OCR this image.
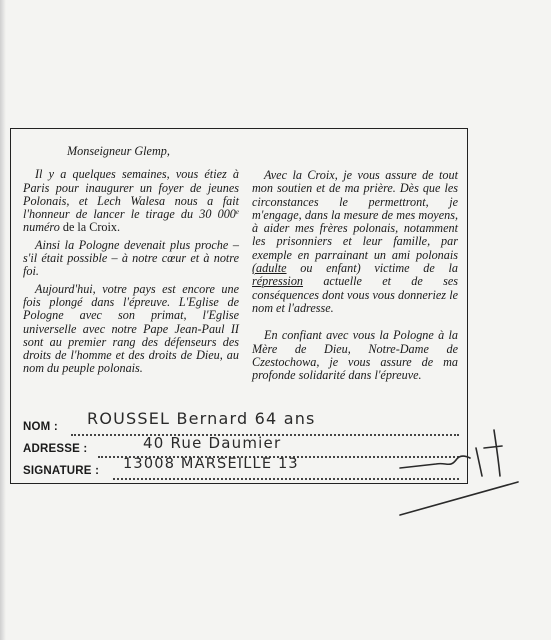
Monseigneur Glemp,

Il y a quelques semaines, vous étiez à Paris pour inaugurer un foyer de jeunes Polonais, et Lech Walesa nous a fait l'honneur de lancer le tirage du 30 000e numéro de la Croix.

Ainsi la Pologne devenait plus proche – s'il était possible – à notre cœur et à notre foi.

Aujourd'hui, votre pays est encore une fois plongé dans l'épreuve. L'Eglise de Pologne avec son primat, l'Eglise universelle avec notre Pape Jean-Paul II sont au premier rang des défenseurs des droits de l'homme et des droits de Dieu, au nom du peuple polonais.

Avec la Croix, je vous assure de tout mon soutien et de ma prière. Dès que les circonstances le permettront, je m'engage, dans la mesure de mes moyens, à aider mes frères polonais, notamment les prisonniers et leur famille, par exemple en parrainant un ami polonais (adulte ou enfant) victime de la répression actuelle et de ses conséquences dont vous vous donneriez le nom et l'adresse.

En confiant avec vous la Pologne à la Mère de Dieu, Notre-Dame de Czestochowa, je vous assure de ma profonde solidarité dans l'épreuve.

NOM : ROUSSEL Bernard 64 ans
ADRESSE :	40 Rue Daumier
SIGNATURE : 13008 MARSEILLE 13
